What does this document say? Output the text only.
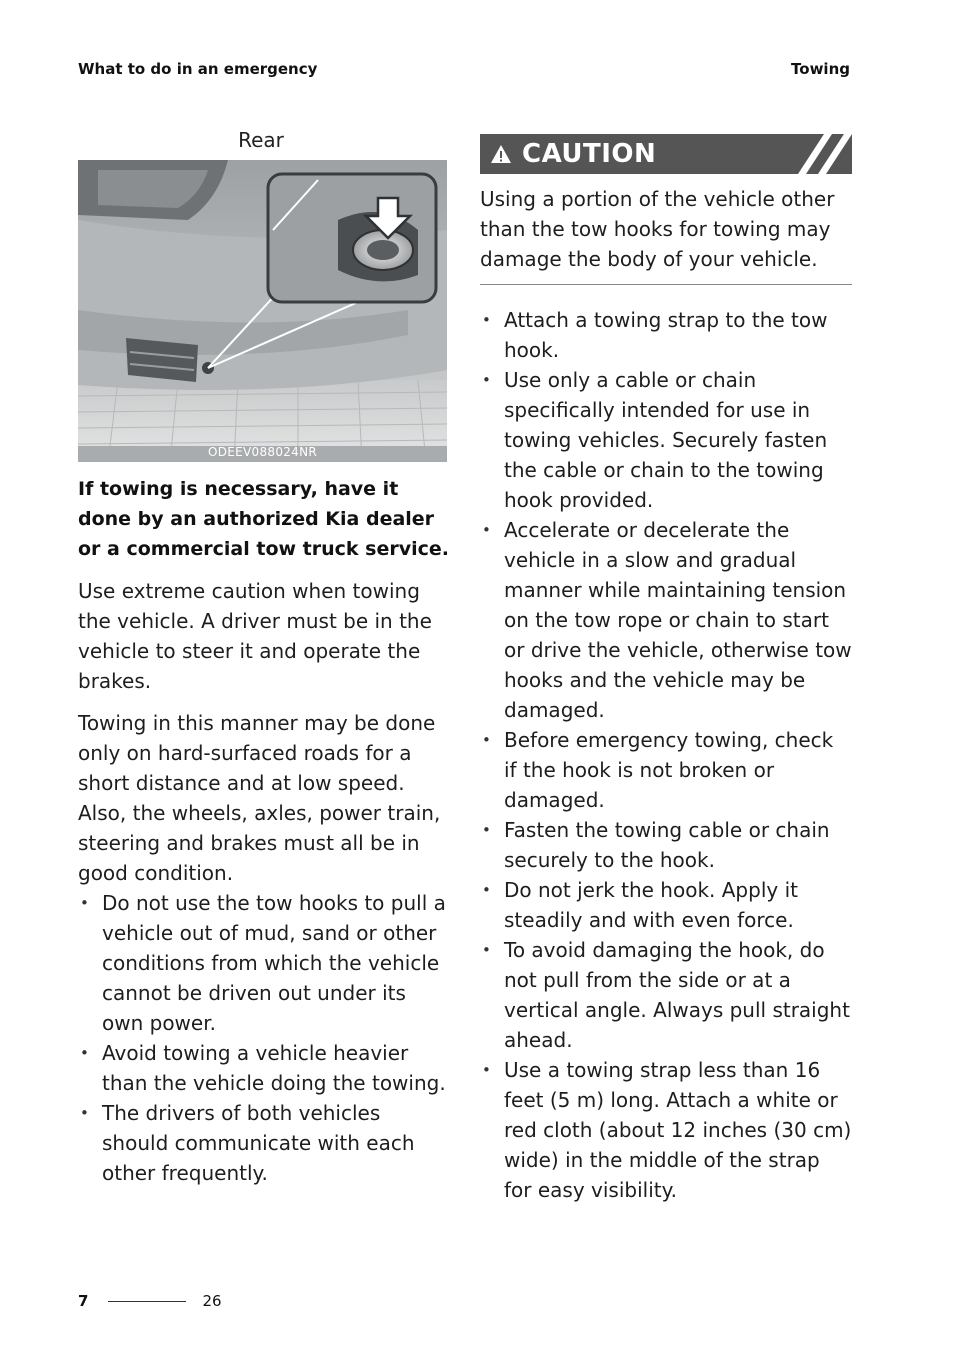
What to do in an emergency	Towing
Rear
ODEEV088024NR

If towing is necessary, have it done by an authorized Kia dealer or a commercial tow truck service.

Use extreme caution when towing the vehicle. A driver must be in the vehicle to steer it and operate the brakes.

Towing in this manner may be done only on hard-surfaced roads for a short distance and at low speed. Also, the wheels, axles, power train, steering and brakes must all be in good condition.

• Do not use the tow hooks to pull a vehicle out of mud, sand or other conditions from which the vehicle cannot be driven out under its own power.
• Avoid towing a vehicle heavier than the vehicle doing the towing.
• The drivers of both vehicles should communicate with each other frequently.
CAUTION

Using a portion of the vehicle other than the tow hooks for towing may damage the body of your vehicle.

• Attach a towing strap to the tow hook.
• Use only a cable or chain specifically intended for use in towing vehicles. Securely fasten the cable or chain to the towing hook provided.
• Accelerate or decelerate the vehicle in a slow and gradual manner while maintaining tension on the tow rope or chain to start or drive the vehicle, otherwise tow hooks and the vehicle may be damaged.
• Before emergency towing, check if the hook is not broken or damaged.
• Fasten the towing cable or chain securely to the hook.
• Do not jerk the hook. Apply it steadily and with even force.
• To avoid damaging the hook, do not pull from the side or at a vertical angle. Always pull straight ahead.
• Use a towing strap less than 16 feet (5 m) long. Attach a white or red cloth (about 12 inches (30 cm) wide) in the middle of the strap for easy visibility.
7	26
